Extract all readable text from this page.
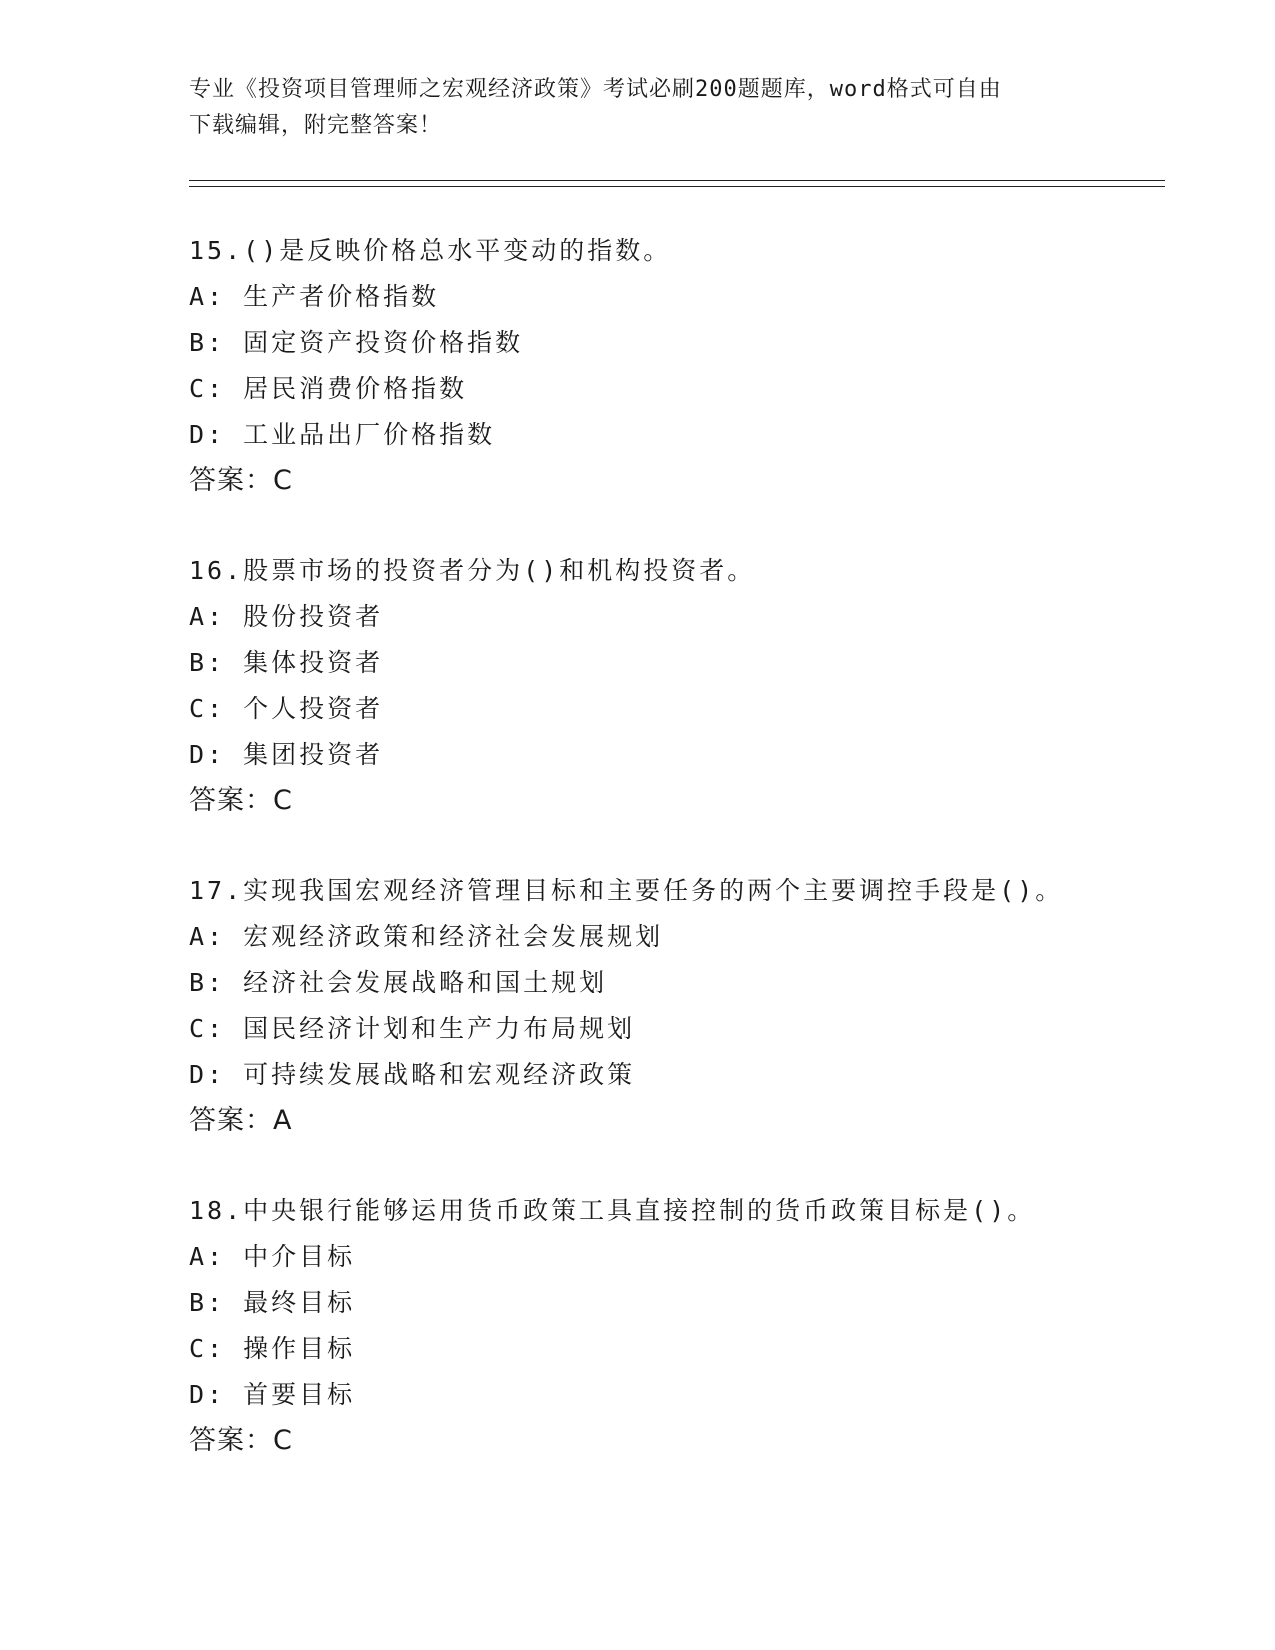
专业《投资项目管理师之宏观经济政策》考试必刷200题题库，word格式可自由
下载编辑，附完整答案！
15.()是反映价格总水平变动的指数。
A: 生产者价格指数
B: 固定资产投资价格指数
C: 居民消费价格指数
D: 工业品出厂价格指数
答案：C
16.股票市场的投资者分为()和机构投资者。
A: 股份投资者
B: 集体投资者
C: 个人投资者
D: 集团投资者
答案：C
17.实现我国宏观经济管理目标和主要任务的两个主要调控手段是()。
A: 宏观经济政策和经济社会发展规划
B: 经济社会发展战略和国土规划
C: 国民经济计划和生产力布局规划
D: 可持续发展战略和宏观经济政策
答案：A
18.中央银行能够运用货币政策工具直接控制的货币政策目标是()。
A: 中介目标
B: 最终目标
C: 操作目标
D: 首要目标
答案：C
